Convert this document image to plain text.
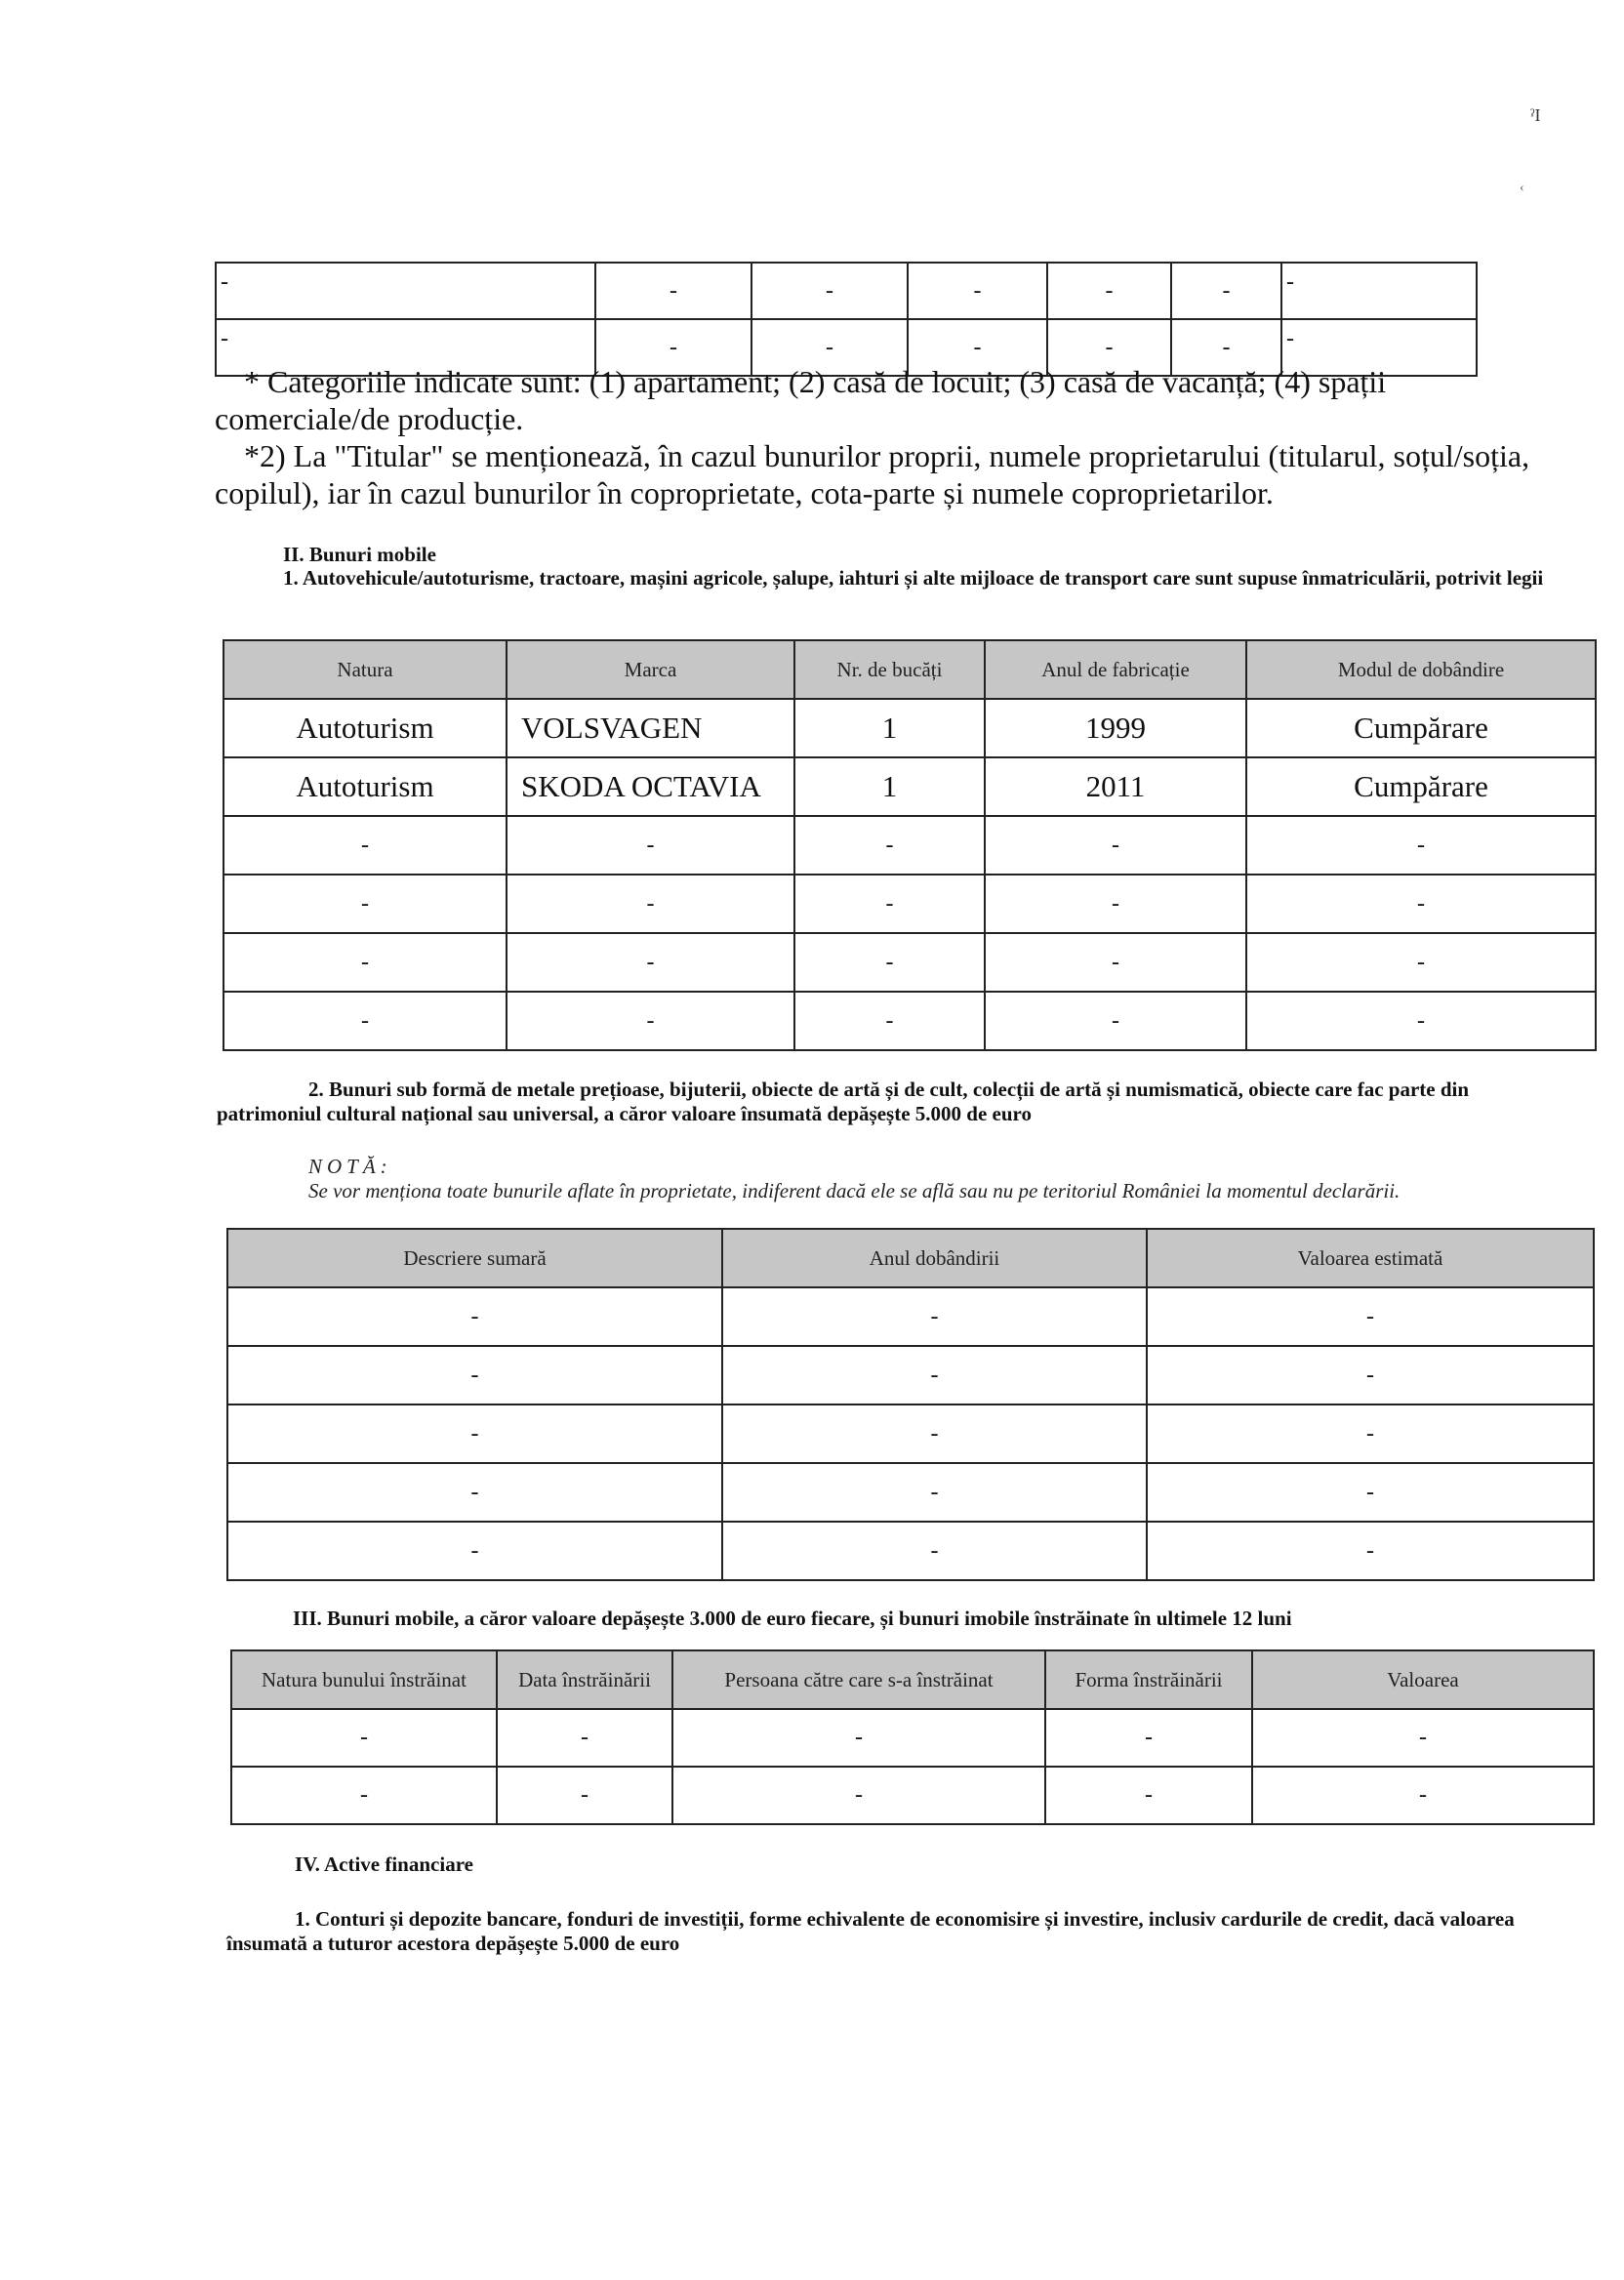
ˀI
‹
-	-	-	-	-	-	-
-	-	-	-	-	-	-

* Categoriile indicate sunt: (1) apartament; (2) casă de locuit; (3) casă de vacanță; (4) spații comerciale/de producție.

*2) La "Titular" se menționează, în cazul bunurilor proprii, numele proprietarului (titularul, soțul/soția, copilul), iar în cazul bunurilor în coproprietate, cota-parte și numele coproprietarilor.

II. Bunuri mobile
1. Autovehicule/autoturisme, tractoare, mașini agricole, șalupe, iahturi și alte mijloace de transport care sunt supuse înmatriculării, potrivit legii
Natura	Marca	Nr. de bucăți	Anul de fabricație	Modul de dobândire
Autoturism	VOLSVAGEN	1	1999	Cumpărare
Autoturism	SKODA OCTAVIA	1	2011	Cumpărare
-	-	-	-	-
-	-	-	-	-
-	-	-	-	-
-	-	-	-	-
2. Bunuri sub formă de metale prețioase, bijuterii, obiecte de artă și de cult, colecții de artă și numismatică, obiecte care fac parte din patrimoniul cultural național sau universal, a căror valoare însumată depășește 5.000 de euro
NOTĂ:
Se vor menționa toate bunurile aflate în proprietate, indiferent dacă ele se află sau nu pe teritoriul României la momentul declarării.
Descriere sumară	Anul dobândirii	Valoarea estimată
-	-	-
-	-	-
-	-	-
-	-	-
-	-	-
III. Bunuri mobile, a căror valoare depășește 3.000 de euro fiecare, și bunuri imobile înstrăinate în ultimele 12 luni
Natura bunului înstrăinat	Data înstrăinării	Persoana către care s-a înstrăinat	Forma înstrăinării	Valoarea
-	-	-	-	-
-	-	-	-	-
IV. Active financiare
1. Conturi și depozite bancare, fonduri de investiții, forme echivalente de economisire și investire, inclusiv cardurile de credit, dacă valoarea însumată a tuturor acestora depășește 5.000 de euro
